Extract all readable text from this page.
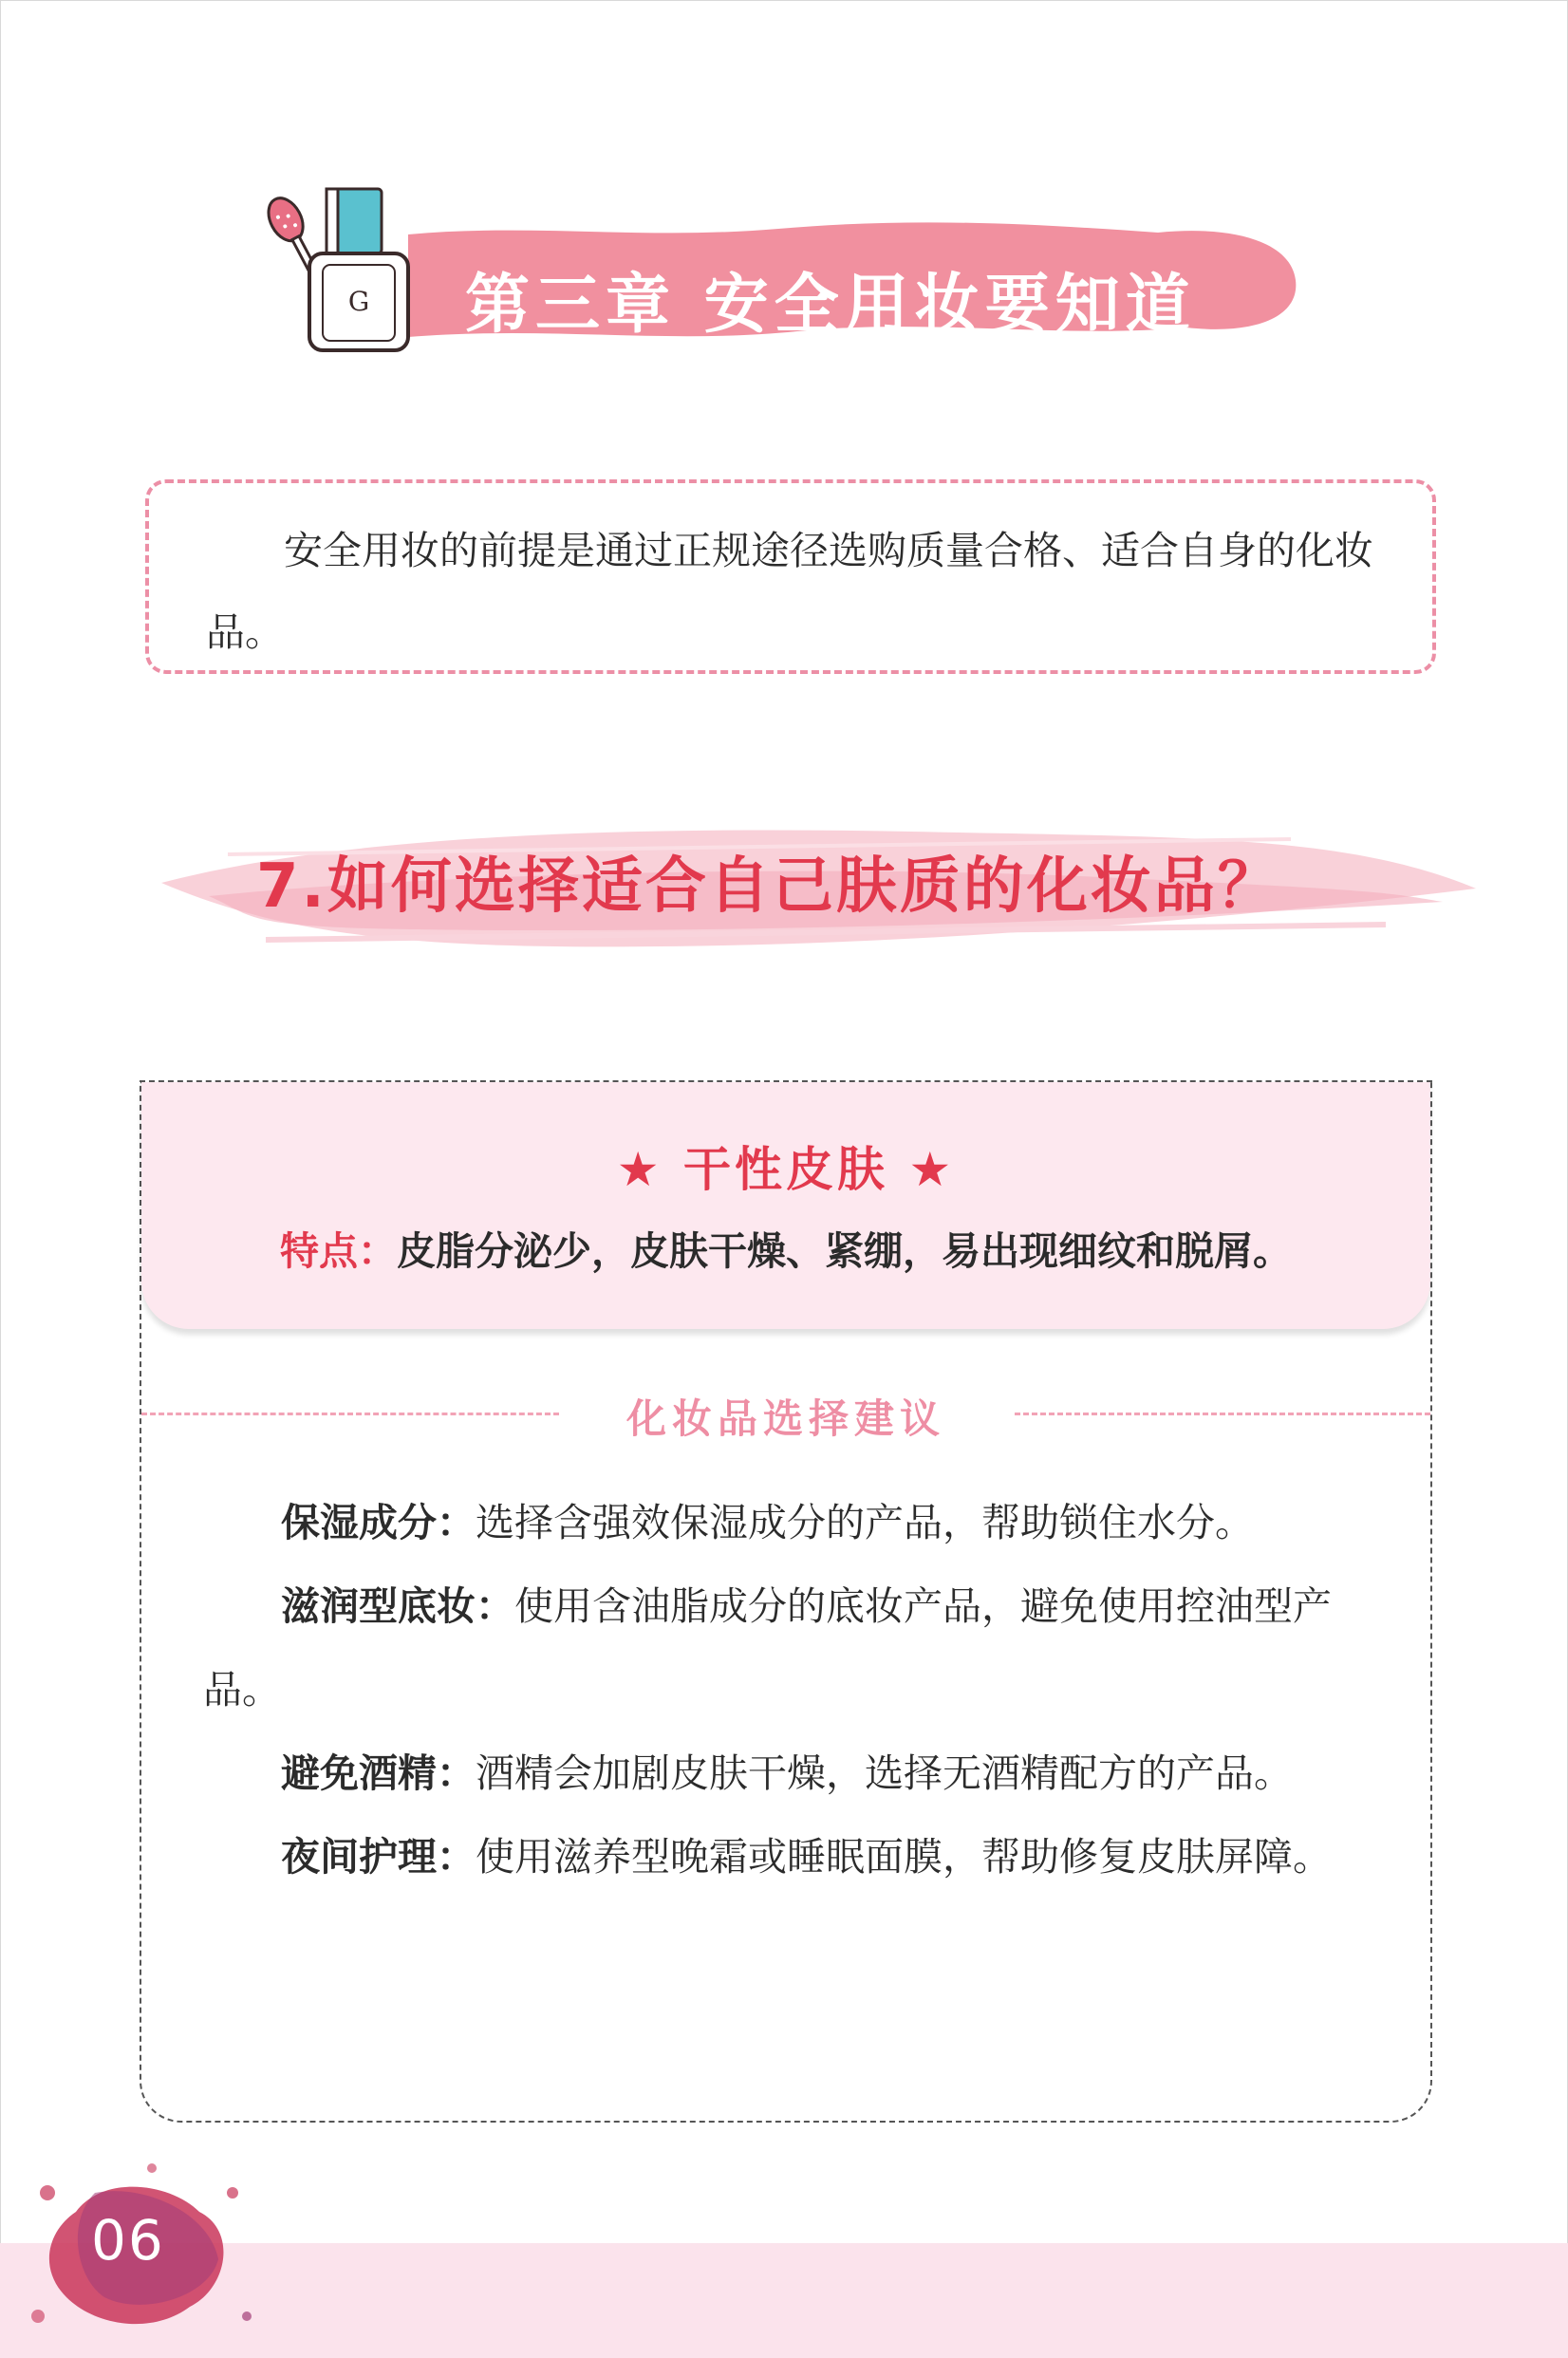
G 第三章 安全用妆要知道
安全用妆的前提是通过正规途径选购质量合格、适合自身的化妆品。
7.如何选择适合自己肤质的化妆品？
★ 干性皮肤 ★
特点：皮脂分泌少，皮肤干燥、紧绷，易出现细纹和脱屑。
化妆品选择建议

保湿成分：选择含强效保湿成分的产品，帮助锁住水分。

滋润型底妆：使用含油脂成分的底妆产品，避免使用控油型产品。

避免酒精：酒精会加剧皮肤干燥，选择无酒精配方的产品。

夜间护理：使用滋养型晚霜或睡眠面膜，帮助修复皮肤屏障。

06
